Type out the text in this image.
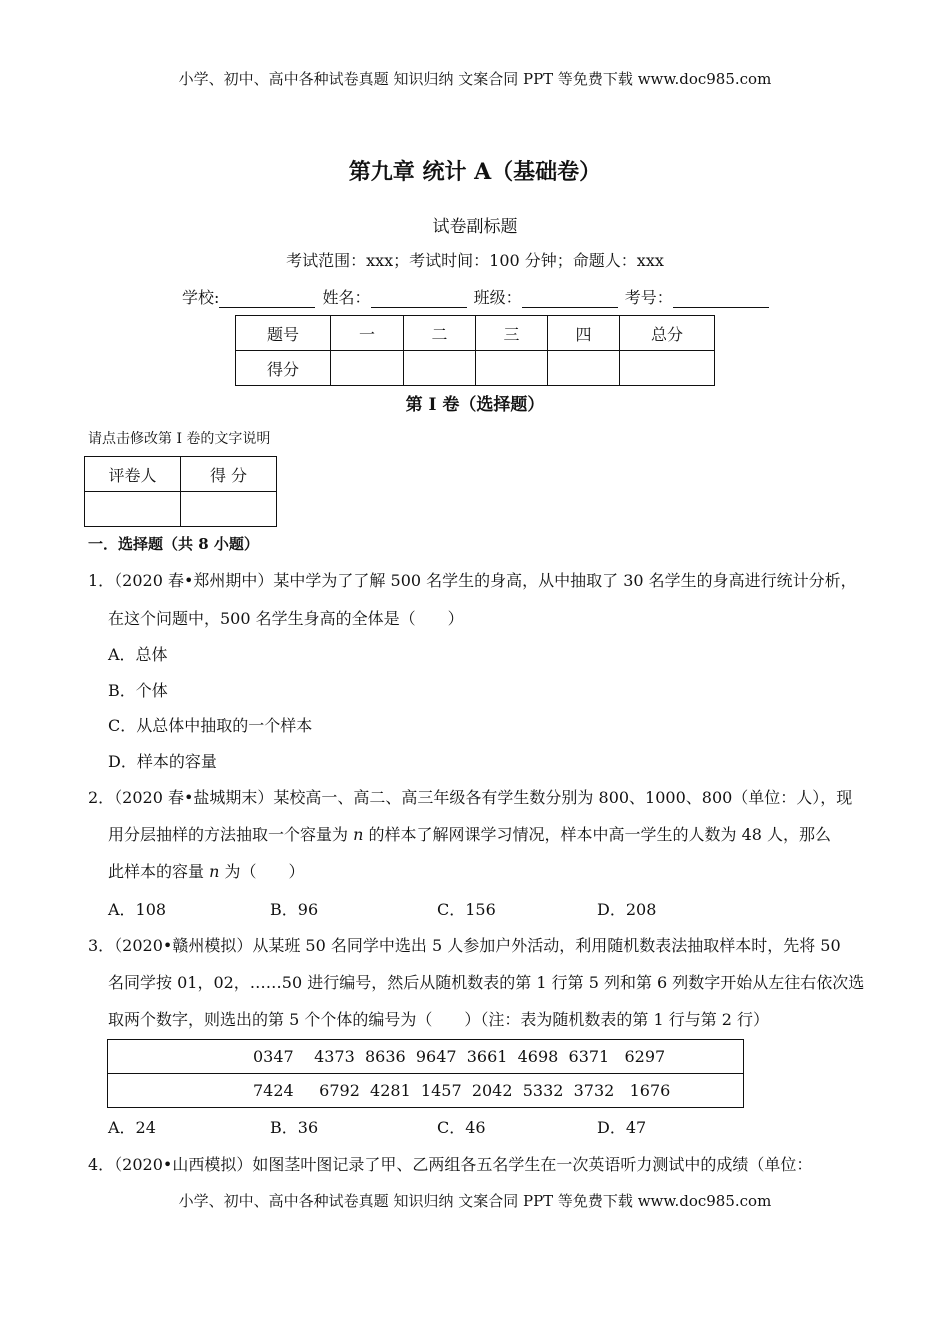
小学、初中、高中各种试卷真题 知识归纳 文案合同 PPT 等免费下载 www.doc985.com
第九章 统计 A（基础卷）
试卷副标题
考试范围：xxx；考试时间：100 分钟；命题人：xxx
学校:	姓名：	班级：	考号：
题号	一	二	三	四	总分
得分					
第 I 卷（选择题）
请点击修改第 I 卷的文字说明
评卷人	得 分

一．选择题（共 8 小题）
1．（2020 春•郑州期中）某中学为了了解 500 名学生的身高，从中抽取了 30 名学生的身高进行统计分析，
在这个问题中，500 名学生身高的全体是（　　）
A．总体
B．个体
C．从总体中抽取的一个样本
D．样本的容量
2．（2020 春•盐城期末）某校高一、高二、高三年级各有学生数分别为 800、1000、800（单位：人），现
用分层抽样的方法抽取一个容量为 n 的样本了解网课学习情况，样本中高一学生的人数为 48 人，那么
此样本的容量 n 为（　　）
A．108	B．96	C．156	D．208
3．（2020•赣州模拟）从某班 50 名同学中选出 5 人参加户外活动，利用随机数表法抽取样本时，先将 50
名同学按 01，02，……50 进行编号，然后从随机数表的第 1 行第 5 列和第 6 列数字开始从左往右依次选
取两个数字，则选出的第 5 个个体的编号为（　　）（注：表为随机数表的第 1 行与第 2 行）
0347    4373  8636  9647  3661  4698  6371   6297
7424     6792  4281  1457  2042  5332  3732   1676
A．24	B．36	C．46	D．47
4．（2020•山西模拟）如图茎叶图记录了甲、乙两组各五名学生在一次英语听力测试中的成绩（单位：
小学、初中、高中各种试卷真题 知识归纳 文案合同 PPT 等免费下载 www.doc985.com
